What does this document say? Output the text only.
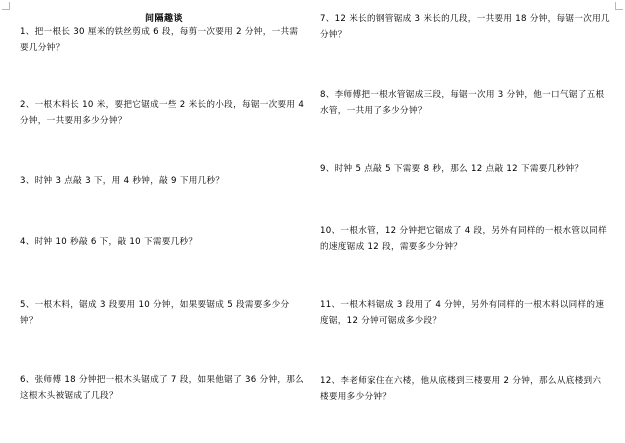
间隔趣谈

1、把一根长 30 厘米的铁丝剪成 6 段，每剪一次要用 2 分钟，一共需要几分钟？

2、一根木料长 10 米，要把它锯成一些 2 米长的小段，每锯一次要用 4 分钟，一共要用多少分钟？

3、时钟 3 点敲 3 下，用 4 秒钟，敲 9 下用几秒？

4、时钟 10 秒敲 6 下，敲 10 下需要几秒？

5、一根木料，锯成 3 段要用 10 分钟，如果要锯成 5 段需要多少分钟？

6、张师傅 18 分钟把一根木头锯成了 7 段，如果他锯了 36 分钟，那么这根木头被锯成了几段？

7、12 米长的钢管锯成 3 米长的几段，一共要用 18 分钟，每锯一次用几分钟？

8、李师傅把一根水管锯成三段，每锯一次用 3 分钟，他一口气锯了五根水管，一共用了多少分钟？

9、时钟 5 点敲 5 下需要 8 秒，那么 12 点敲 12 下需要几秒钟？

10、一根水管，12 分钟把它锯成了 4 段，另外有同样的一根水管以同样的速度锯成 12 段，需要多少分钟？

11、一根木料锯成 3 段用了 4 分钟，另外有同样的一根木料以同样的速度锯，12 分钟可锯成多少段？

12、李老师家住在六楼，他从底楼到三楼要用 2 分钟，那么从底楼到六楼要用多少分钟？
